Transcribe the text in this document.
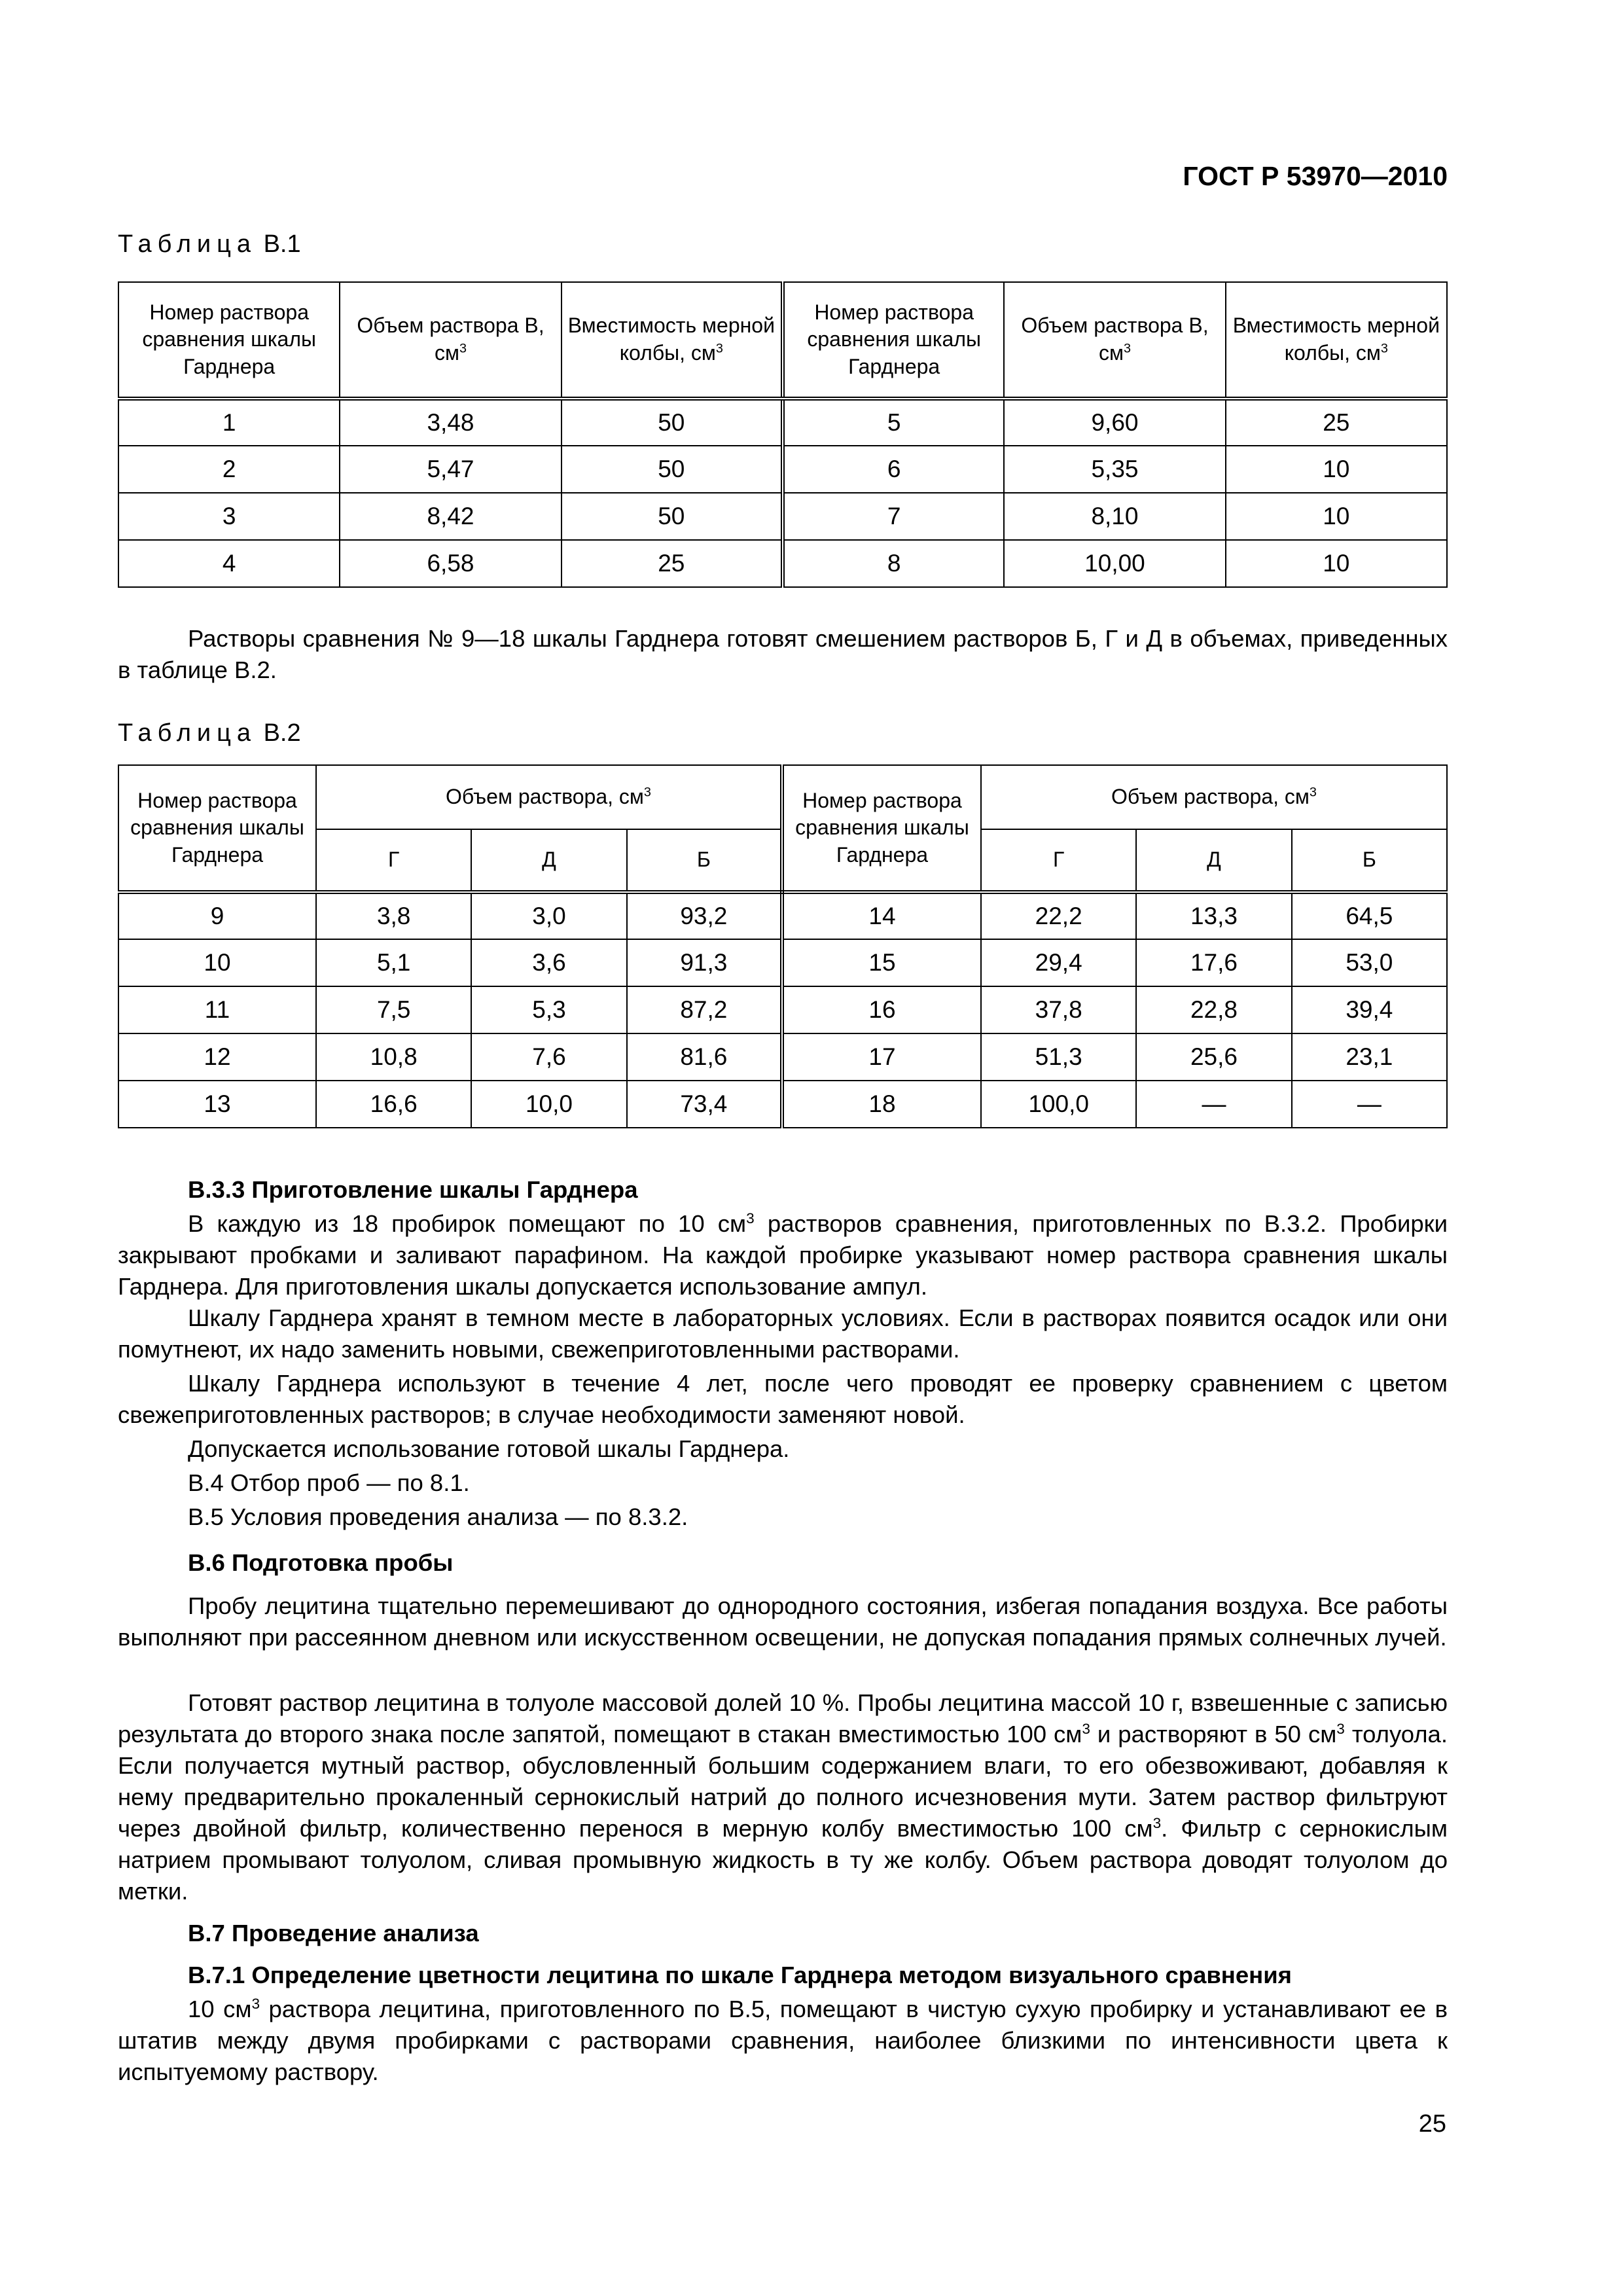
ГОСТ Р 53970—2010
Таблица В.1
Номер раствора сравнения шкалы Гарднера	Объем раствора В, $см^3$	Вместимость мерной колбы, $см^3$	Номер раствора сравнения шкалы Гарднера	Объем раствора В, $см^3$	Вместимость мерной колбы, $см^3$
1	3,48	50	5	9,60	25
2	5,47	50	6	5,35	10
3	8,42	50	7	8,10	10
4	6,58	25	8	10,00	10

Растворы сравнения № 9—18 шкалы Гарднера готовят смешением растворов Б, Г и Д в объемах, приведенных в таблице В.2.

Таблица В.2
Номер раствора сравнения шкалы Гарднера	Объем раствора, $см^3$			Номер раствора сравнения шкалы Гарднера	Объем раствора, $см^3$
	Г	Д	Б		Г	Д	Б
9	3,8	3,0	93,2	14	22,2	13,3	64,5
10	5,1	3,6	91,3	15	29,4	17,6	53,0
11	7,5	5,3	87,2	16	37,8	22,8	39,4
12	10,8	7,6	81,6	17	51,3	25,6	23,1
13	16,6	10,0	73,4	18	100,0	—	—

В.3.3 Приготовление шкалы Гарднера

В каждую из 18 пробирок помещают по 10 $см^3$ растворов сравнения, приготовленных по В.3.2. Пробирки закрывают пробками и заливают парафином. На каждой пробирке указывают номер раствора сравнения шкалы Гарднера. Для приготовления шкалы допускается использование ампул.

Шкалу Гарднера хранят в темном месте в лабораторных условиях. Если в растворах появится осадок или они помутнеют, их надо заменить новыми, свежеприготовленными растворами.

Шкалу Гарднера используют в течение 4 лет, после чего проводят ее проверку сравнением с цветом свежеприготовленных растворов; в случае необходимости заменяют новой.

Допускается использование готовой шкалы Гарднера.

В.4 Отбор проб — по 8.1.

В.5 Условия проведения анализа — по 8.3.2.

В.6 Подготовка пробы

Пробу лецитина тщательно перемешивают до однородного состояния, избегая попадания воздуха. Все работы выполняют при рассеянном дневном или искусственном освещении, не допуская попадания прямых солнечных лучей.

Готовят раствор лецитина в толуоле массовой долей 10 %. Пробы лецитина массой 10 г, взвешенные с записью результата до второго знака после запятой, помещают в стакан вместимостью 100 $см^3$ и растворяют в 50 $см^3$ толуола. Если получается мутный раствор, обусловленный большим содержанием влаги, то его обезвоживают, добавляя к нему предварительно прокаленный сернокислый натрий до полного исчезновения мути. Затем раствор фильтруют через двойной фильтр, количественно перенося в мерную колбу вместимостью 100 $см^3$. Фильтр с сернокислым натрием промывают толуолом, сливая промывную жидкость в ту же колбу. Объем раствора доводят толуолом до метки.

В.7 Проведение анализа

В.7.1 Определение цветности лецитина по шкале Гарднера методом визуального сравнения

10 $см^3$ раствора лецитина, приготовленного по В.5, помещают в чистую сухую пробирку и устанавливают ее в штатив между двумя пробирками с растворами сравнения, наиболее близкими по интенсивности цвета к испытуемому раствору.

25
